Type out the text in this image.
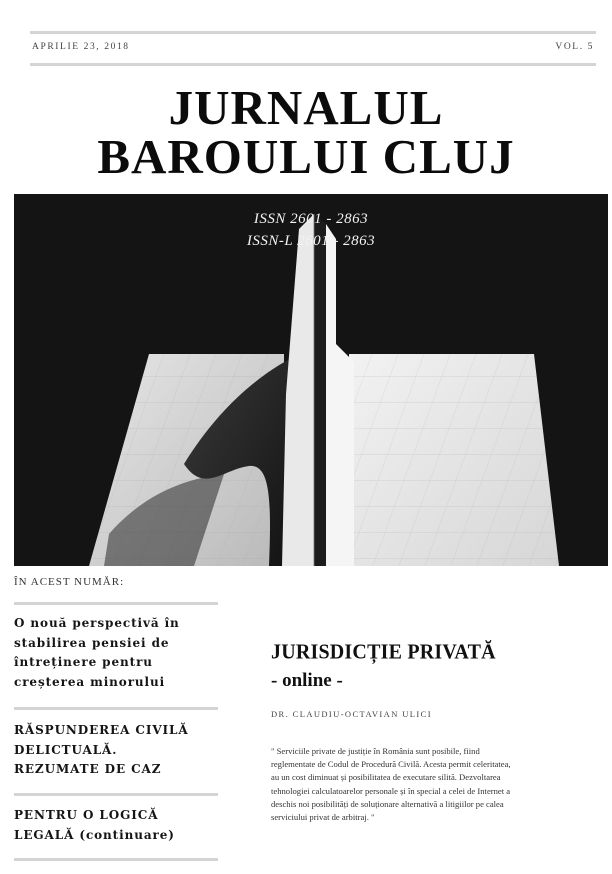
APRILIE 23, 2018	VOL. 5
JURNALUL
BAROULUI CLUJ
ISSN 2601 - 2863
ISSN-L 2601 - 2863
ÎN ACEST NUMĂR:
O nouă perspectivă în
stabilirea pensiei de
întreținere pentru
creșterea minorului
RĂSPUNDEREA CIVILĂ
DELICTUALĂ.
REZUMATE DE CAZ
PENTRU O LOGICĂ
LEGALĂ (continuare)
JURISDICȚIE PRIVATĂ
- online -
DR. CLAUDIU-OCTAVIAN ULICI
" Serviciile private de justiție în România sunt posibile, fiind
reglementate de Codul de Procedură Civilă. Acesta permit celeritatea,
au un cost diminuat și posibilitatea de executare silită. Dezvoltarea
tehnologiei calculatoarelor personale și în special a celei de Internet a
deschis noi posibilități de soluționare alternativă a litigiilor pe calea
serviciului privat de arbitraj. "
